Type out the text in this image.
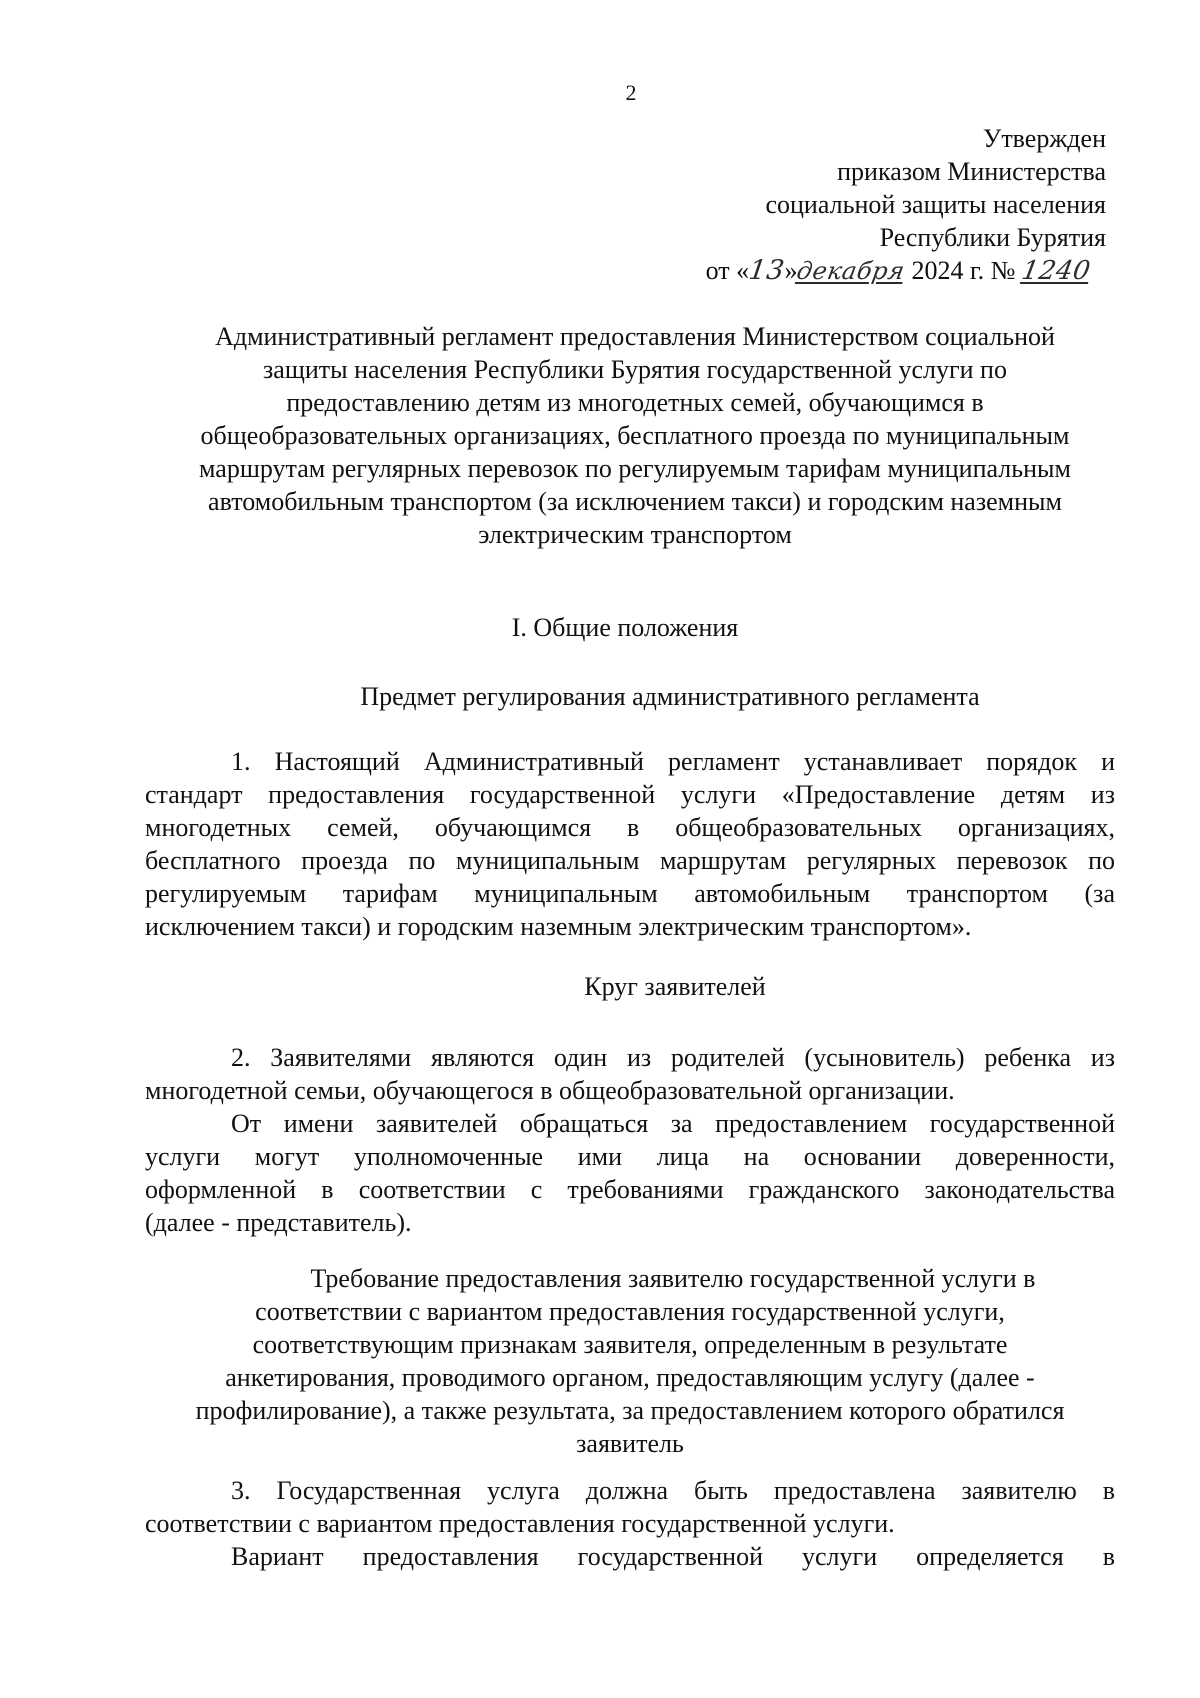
2
Утвержден
приказом Министерства
социальной защиты населения
Республики Бурятия
от «13»декабря 2024 г. № 1240
Административный регламент предоставления Министерством социальной
защиты населения Республики Бурятия государственной услуги по
предоставлению детям из многодетных семей, обучающимся в
общеобразовательных организациях, бесплатного проезда по муниципальным
маршрутам регулярных перевозок по регулируемым тарифам муниципальным
автомобильным транспортом (за исключением такси) и городским наземным
электрическим транспортом
I. Общие положения
Предмет регулирования административного регламента
1. Настоящий Административный регламент устанавливает порядок и
стандарт предоставления государственной услуги «Предоставление детям из
многодетных семей, обучающимся в общеобразовательных организациях,
бесплатного проезда по муниципальным маршрутам регулярных перевозок по
регулируемым тарифам муниципальным автомобильным транспортом (за
исключением такси) и городским наземным электрическим транспортом».
Круг заявителей
2. Заявителями являются один из родителей (усыновитель) ребенка из
многодетной семьи, обучающегося в общеобразовательной организации.
От имени заявителей обращаться за предоставлением государственной
услуги могут уполномоченные ими лица на основании доверенности,
оформленной в соответствии с требованиями гражданского законодательства
(далее - представитель).
Требование предоставления заявителю государственной услуги в
соответствии с вариантом предоставления государственной услуги,
соответствующим признакам заявителя, определенным в результате
анкетирования, проводимого органом, предоставляющим услугу (далее -
профилирование), а также результата, за предоставлением которого обратился
заявитель
3. Государственная услуга должна быть предоставлена заявителю в
соответствии с вариантом предоставления государственной услуги.
Вариант предоставления государственной услуги определяется в
